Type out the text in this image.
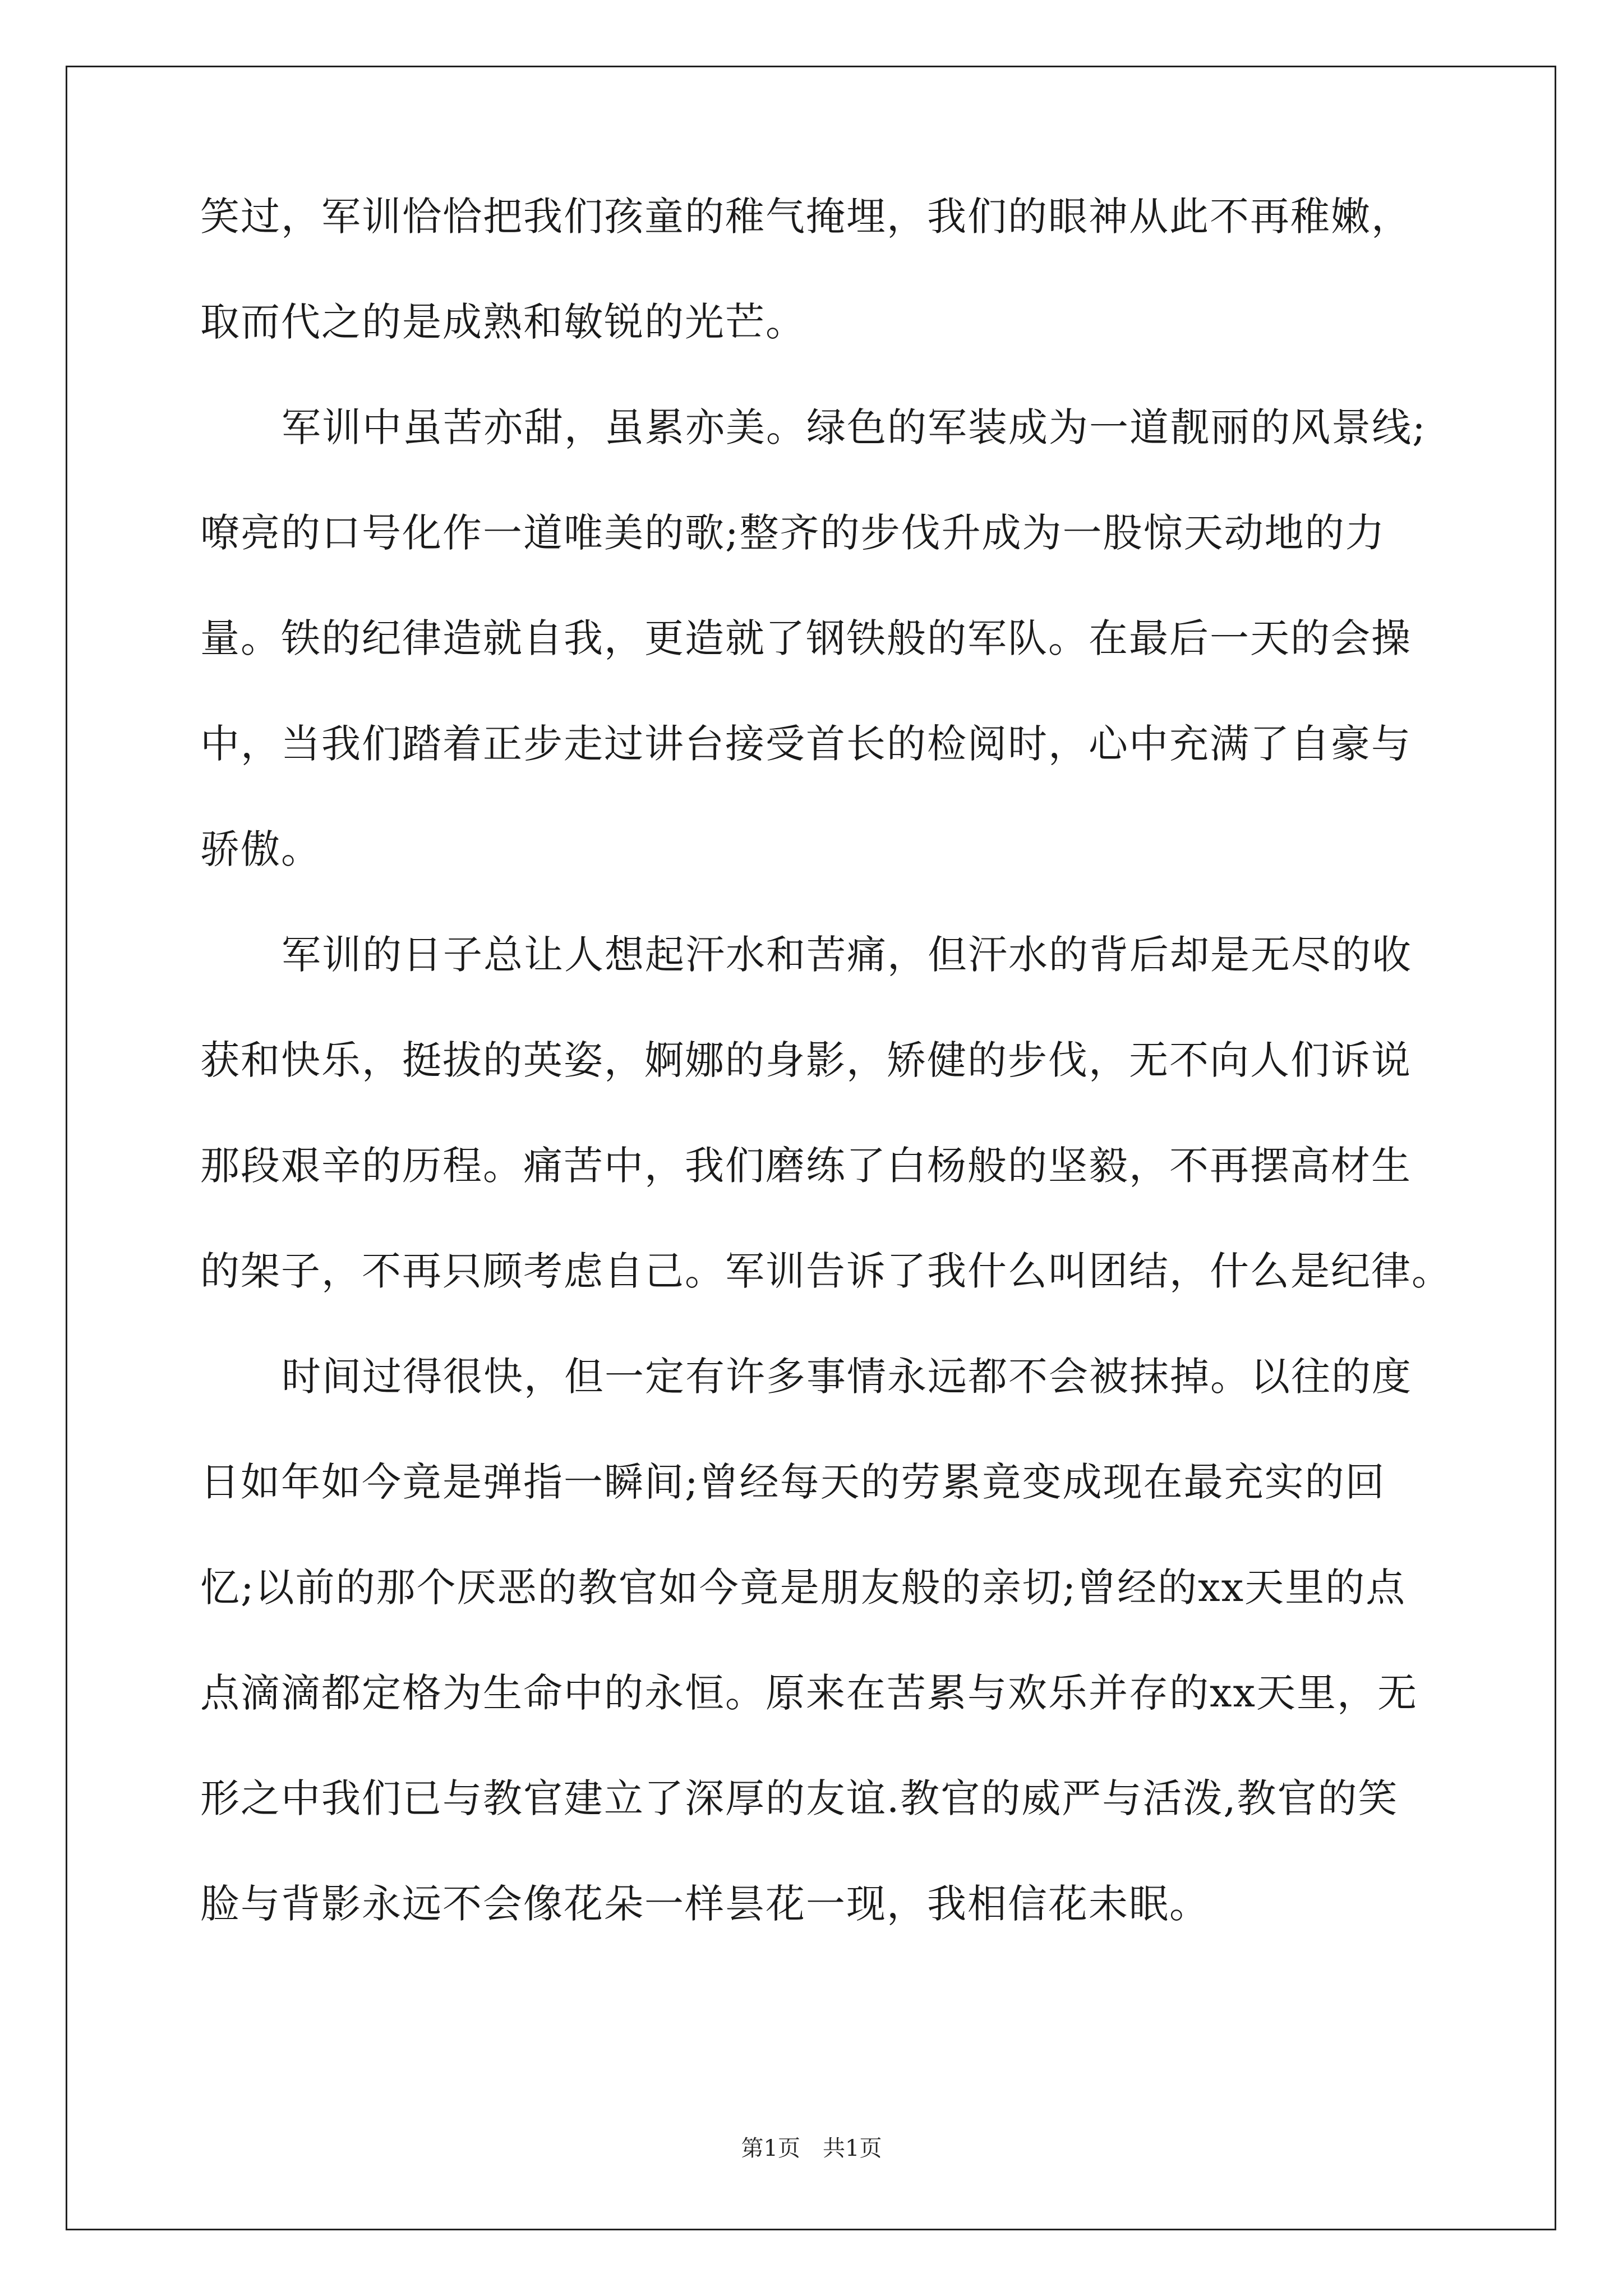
笑过，军训恰恰把我们孩童的稚气掩埋，我们的眼神从此不再稚嫩，
取而代之的是成熟和敏锐的光芒。
军训中虽苦亦甜，虽累亦美。绿色的军装成为一道靓丽的风景线;
嘹亮的口号化作一道唯美的歌;整齐的步伐升成为一股惊天动地的力
量。铁的纪律造就自我，更造就了钢铁般的军队。在最后一天的会操
中，当我们踏着正步走过讲台接受首长的检阅时，心中充满了自豪与
骄傲。
军训的日子总让人想起汗水和苦痛，但汗水的背后却是无尽的收
获和快乐，挺拔的英姿，婀娜的身影，矫健的步伐，无不向人们诉说
那段艰辛的历程。痛苦中，我们磨练了白杨般的坚毅，不再摆高材生
的架子，不再只顾考虑自己。军训告诉了我什么叫团结，什么是纪律。
时间过得很快，但一定有许多事情永远都不会被抹掉。以往的度
日如年如今竟是弹指一瞬间;曾经每天的劳累竟变成现在最充实的回
忆;以前的那个厌恶的教官如今竟是朋友般的亲切;曾经的xx天里的点
点滴滴都定格为生命中的永恒。原来在苦累与欢乐并存的xx天里，无
形之中我们已与教官建立了深厚的友谊.教官的威严与活泼,教官的笑
脸与背影永远不会像花朵一样昙花一现，我相信花未眠。
第1页 共1页
